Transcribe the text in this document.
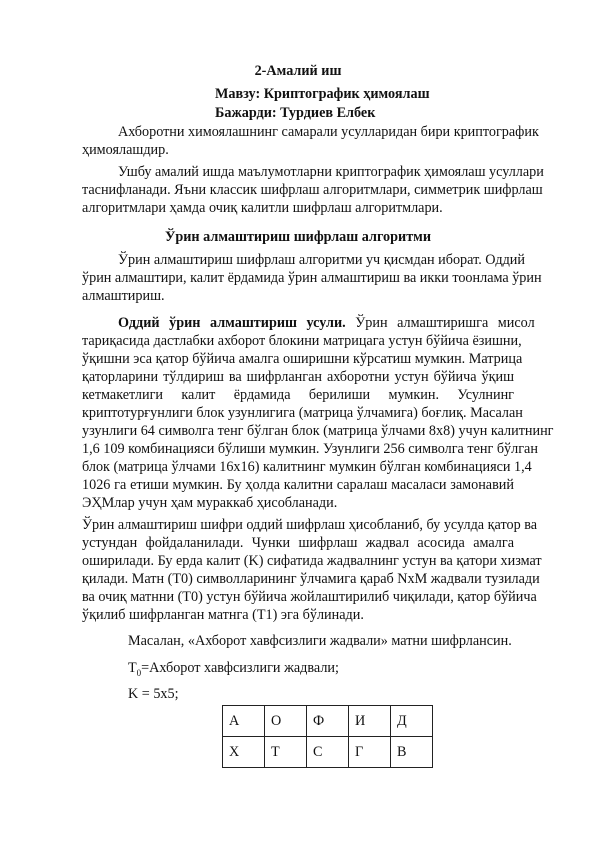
2-Амалий иш
Мавзу: Криптографик ҳимоялаш
Бажарди: Турдиев Елбек
Ахборотни химоялашнинг самарали усулларидан бири криптографик
ҳимоялашдир.
Ушбу амалий ишда маълумотларни криптографик ҳимоялаш усуллари
таснифланади. Яъни классик шифрлаш алгоритмлари, симметрик шифрлаш
алгоритмлари ҳамда очиқ калитли шифрлаш алгоритмлари.
Ўрин алмаштириш шифрлаш алгоритми
Ўрин алмаштириш шифрлаш алгоритми уч қисмдан иборат. Оддий
ўрин алмаштири, калит ёрдамида ўрин алмаштириш ва икки тоонлама ўрин
алмаштириш.
Оддий ўрин алмаштириш усули. Ўрин алмаштиришга мисол
тариқасида дастлабки ахборот блокини матрицага устун бўйича ёзишни,
ўқишни эса қатор бўйича амалга оширишни кўрсатиш мумкин. Матрица
қаторларини тўлдириш ва шифрланган ахборотни устун бўйича ўқиш
кетмакетлиги калит ёрдамида берилиши мумкин. Усулнинг
криптотурғунлиги блок узунлигига (матрица ўлчамига) боғлиқ. Масалан
узунлиги 64 символга тенг бўлган блок (матрица ўлчами 8х8) учун калитнинг
1,6 109 комбинацияси бўлиши мумкин. Узунлиги 256 символга тенг бўлган
блок (матрица ўлчами 16х16) калитнинг мумкин бўлган комбинацияси 1,4
1026 га етиши мумкин. Бу ҳолда калитни саралаш масаласи замонавий
ЭҲМлар учун ҳам мураккаб ҳисобланади.
Ўрин алмаштириш шифри оддий шифрлаш ҳисобланиб, бу усулда қатор ва
устундан фойдаланилади. Чунки шифрлаш жадвал асосида амалга
оширилади. Бу ерда калит (K) сифатида жадвалнинг устун ва қатори хизмат
қилади. Матн (T0) символларининг ўлчамига қараб NxM жадвали тузилади
ва очиқ матнни (T0) устун бўйича жойлаштирилиб чиқилади, қатор бўйича
ўқилиб шифрланган матнга (T1) эга бўлинади.
Масалан, «Ахборот хавфсизлиги жадвали» матни шифрлансин.
$T_0=Ахборот$ хавфсизлиги жадвали;
K = 5x5;
А	О	Ф	И	Д
Х	Т	С	Г	В
